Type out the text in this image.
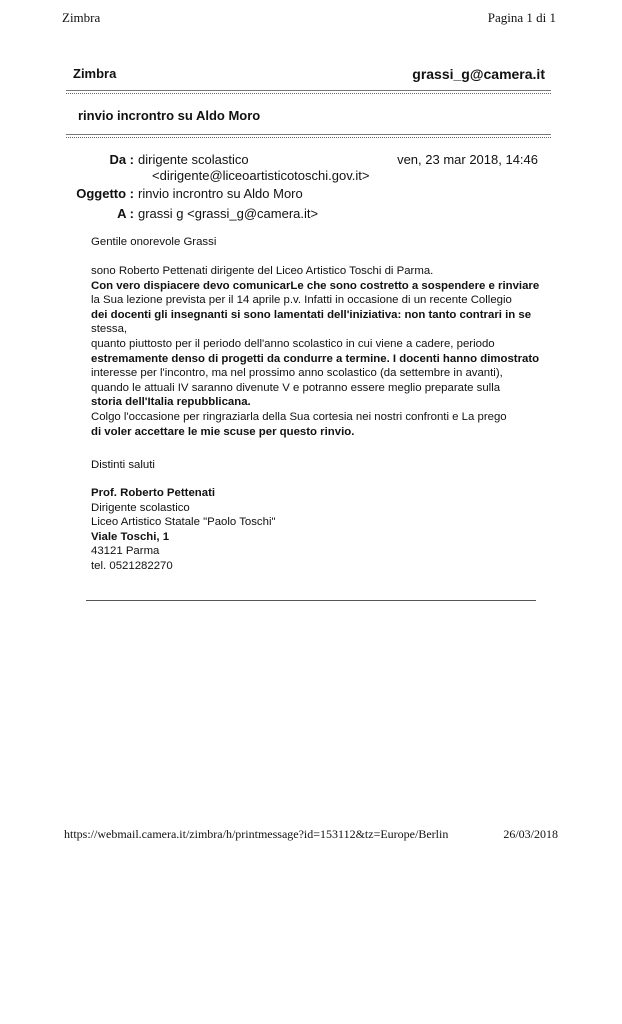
Zimbra	Pagina 1 di 1
Zimbra	grassi_g@camera.it
rinvio incrontro su Aldo Moro
Da : dirigente scolastico
<dirigente@liceoartisticotoschi.gov.it>
ven, 23 mar 2018, 14:46
Oggetto : rinvio incrontro su Aldo Moro
A : grassi g <grassi_g@camera.it>
Gentile onorevole Grassi
sono Roberto Pettenati dirigente del Liceo Artistico Toschi di Parma.
Con vero dispiacere devo comunicarLe che sono costretto a sospendere e rinviare
la Sua lezione prevista per il 14 aprile p.v. Infatti in occasione di un recente Collegio
dei docenti gli insegnanti si sono lamentati dell'iniziativa: non tanto contrari in se
stessa,
quanto piuttosto per il periodo dell'anno scolastico in cui viene a cadere, periodo
estremamente denso di progetti da condurre a termine. I docenti hanno dimostrato
interesse per l'incontro, ma nel prossimo anno scolastico (da settembre in avanti),
quando le attuali IV saranno divenute V e potranno essere meglio preparate sulla
storia dell'Italia repubblicana.
Colgo l'occasione per ringraziarla della Sua cortesia nei nostri confronti e La prego
di voler accettare le mie scuse per questo rinvio.
Distinti saluti
Prof. Roberto Pettenati
Dirigente scolastico
Liceo Artistico Statale "Paolo Toschi"
Viale Toschi, 1
43121 Parma
tel. 0521282270
https://webmail.camera.it/zimbra/h/printmessage?id=153112&tz=Europe/Berlin	26/03/2018
